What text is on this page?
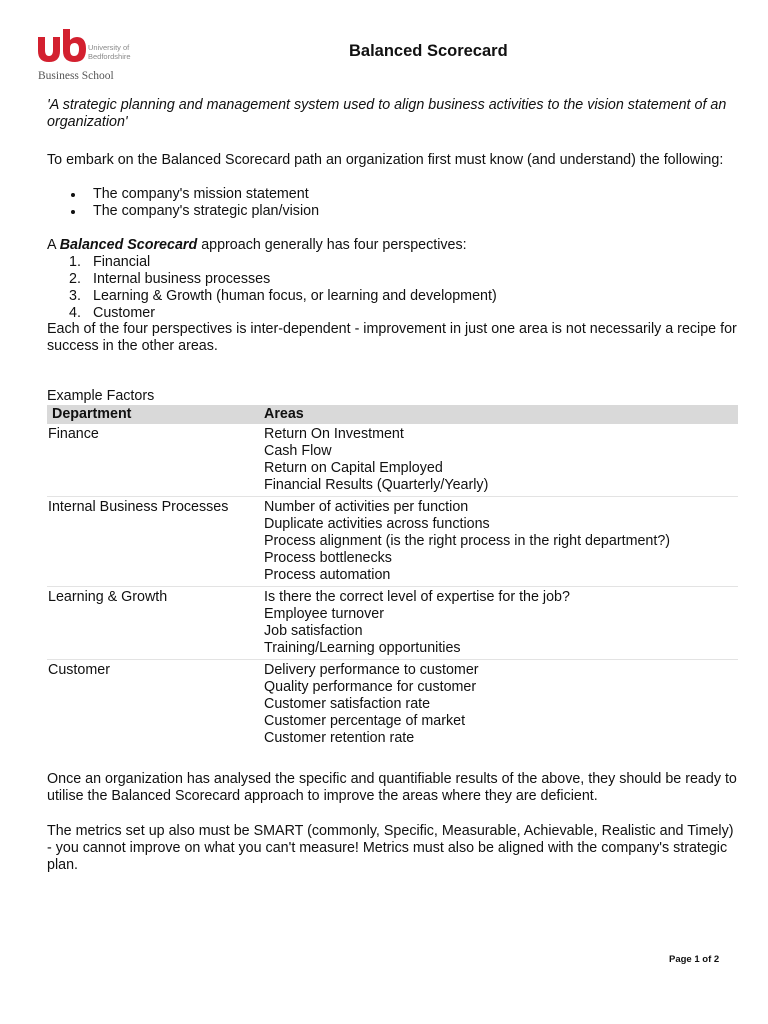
University of Bedfordshire
Business School
Balanced Scorecard
'A strategic planning and management system used to align business activities to the vision statement of an organization'
To embark on the Balanced Scorecard path an organization first must know (and understand) the following:
The company's mission statement
The company's strategic plan/vision
A Balanced Scorecard approach generally has four perspectives:
1. Financial
2. Internal business processes
3. Learning & Growth (human focus, or learning and development)
4. Customer
Each of the four perspectives is inter-dependent - improvement in just one area is not necessarily a recipe for success in the other areas.
Example Factors
Department	Areas
Finance	Return On Investment
Cash Flow
Return on Capital Employed
Financial Results (Quarterly/Yearly)

Internal Business Processes	Number of activities per function
Duplicate activities across functions
Process alignment (is the right process in the right department?)
Process bottlenecks
Process automation

Learning & Growth	Is there the correct level of expertise for the job?
Employee turnover
Job satisfaction
Training/Learning opportunities

Customer	Delivery performance to customer
Quality performance for customer
Customer satisfaction rate
Customer percentage of market
Customer retention rate
Once an organization has analysed the specific and quantifiable results of the above, they should be ready to utilise the Balanced Scorecard approach to improve the areas where they are deficient.
The metrics set up also must be SMART (commonly, Specific, Measurable, Achievable, Realistic and Timely) - you cannot improve on what you can't measure! Metrics must also be aligned with the company's strategic plan.
Page 1 of 2
